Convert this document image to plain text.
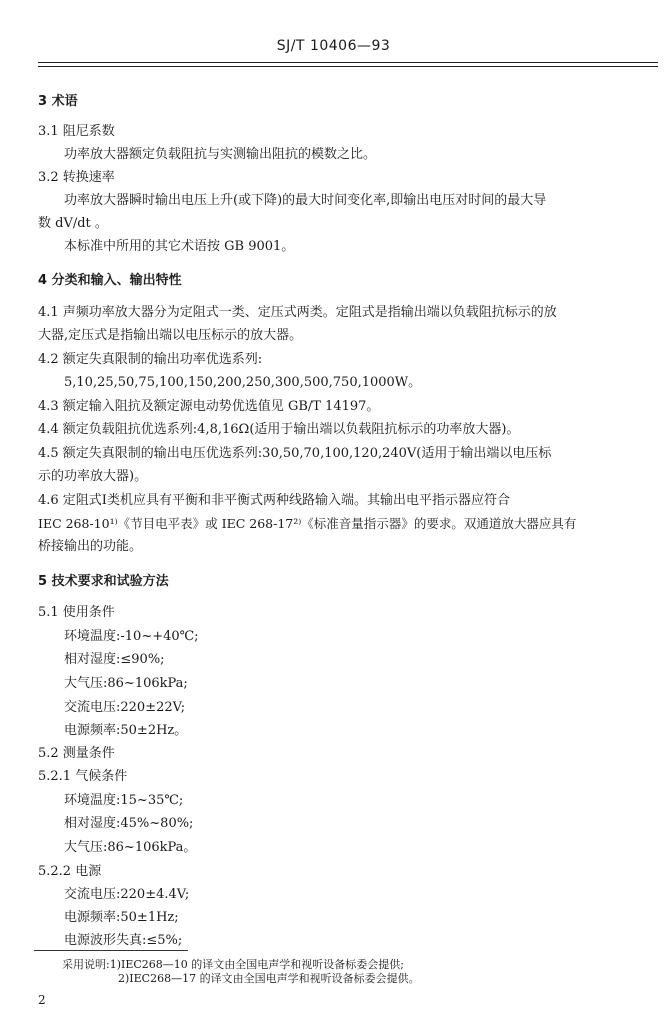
SJ/T 10406—93
3 术语
3.1 阻尼系数
功率放大器额定负载阻抗与实测输出阻抗的模数之比。
3.2 转换速率
功率放大器瞬时输出电压上升(或下降)的最大时间变化率,即输出电压对时间的最大导
数 dV/dt 。
本标准中所用的其它术语按 GB 9001。
4 分类和输入、输出特性
4.1 声频功率放大器分为定阻式一类、定压式两类。定阻式是指输出端以负载阻抗标示的放
大器,定压式是指输出端以电压标示的放大器。
4.2 额定失真限制的输出功率优选系列:
5,10,25,50,75,100,150,200,250,300,500,750,1000W。
4.3 额定输入阻抗及额定源电动势优选值见 GB/T 14197。
4.4 额定负载阻抗优选系列:4,8,16Ω(适用于输出端以负载阻抗标示的功率放大器)。
4.5 额定失真限制的输出电压优选系列:30,50,70,100,120,240V(适用于输出端以电压标
示的功率放大器)。
4.6 定阻式Ⅰ类机应具有平衡和非平衡式两种线路输入端。其输出电平指示器应符合
IEC 268-10¹⁾《节目电平表》或 IEC 268-17²⁾《标准音量指示器》的要求。双通道放大器应具有
桥接输出的功能。
5 技术要求和试验方法
5.1 使用条件
环境温度:-10~+40℃;
相对湿度:≤90%;
大气压:86~106kPa;
交流电压:220±22V;
电源频率:50±2Hz。
5.2 测量条件
5.2.1 气候条件
环境温度:15~35℃;
相对湿度:45%~80%;
大气压:86~106kPa。
5.2.2 电源
交流电压:220±4.4V;
电源频率:50±1Hz;
电源波形失真:≤5%;
采用说明:1)IEC268—10 的译文由全国电声学和视听设备标委会提供;
2)IEC268—17 的译文由全国电声学和视听设备标委会提供。
2
